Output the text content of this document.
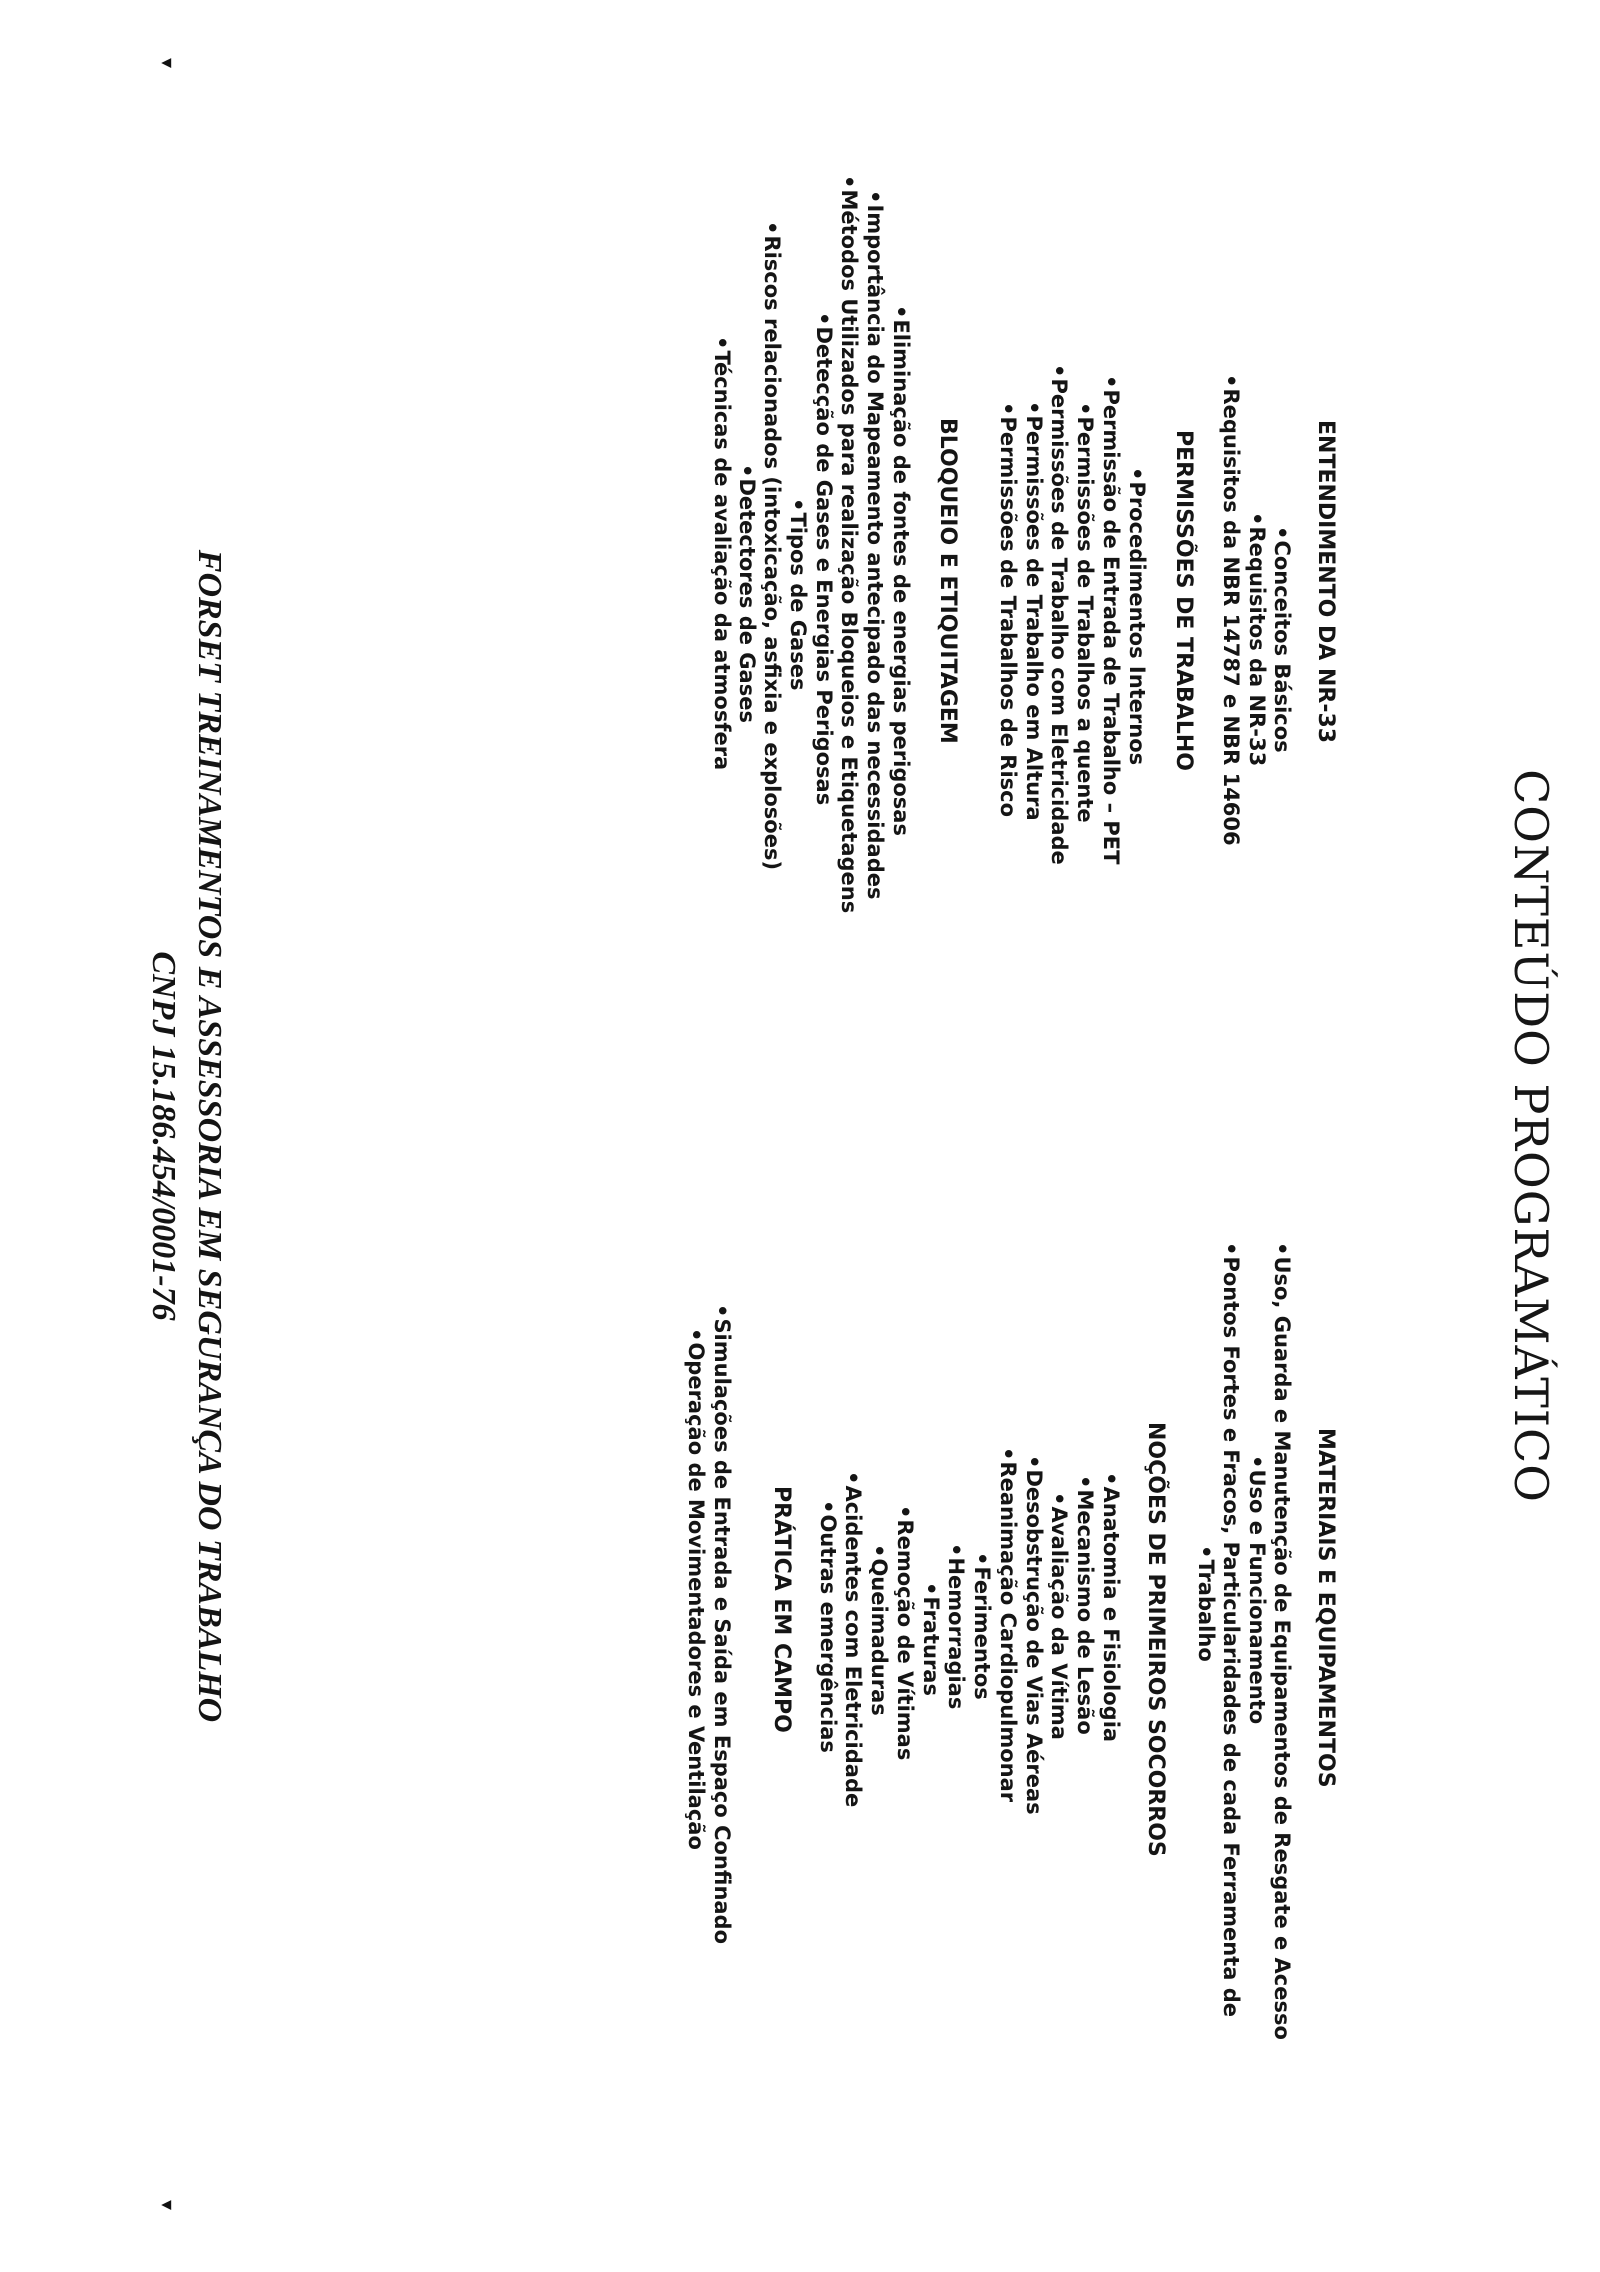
CONTEÚDO PROGRAMÁTICO
ENTENDIMENTO DA NR-33
• Conceitos Básicos
• Requisitos da NR-33
• Requisitos da NBR 14787 e NBR 14606
PERMISSÕES DE TRABALHO
• Procedimentos Internos
• Permissão de Entrada de Trabalho – PET
• Permissões de Trabalhos a quente
• Permissões de Trabalho com Eletricidade
• Permissões de Trabalho em Altura
• Permissões de Trabalhos de Risco
BLOQUEIO E ETIQUITAGEM
• Eliminação de fontes de energias perigosas
• Importância do Mapeamento antecipado das necessidades
• Métodos Utilizados para realização Bloqueios e Etiquetagens
• Detecção de Gases e Energias Perigosas
• Tipos de Gases
• Riscos relacionados (intoxicação, asfixia e explosões)
• Detectores de Gases
• Técnicas de avaliação da atmosfera
MATERIAIS E EQUIPAMENTOS
• Uso, Guarda e Manutenção de Equipamentos de Resgate e Acesso
• Uso e Funcionamento
• Pontos Fortes e Fracos, Particularidades de cada Ferramenta de
• Trabalho
NOÇÕES DE PRIMEIROS SOCORROS
• Anatomia e Fisiologia
• Mecanismo de Lesão
• Avaliação da Vítima
• Desobstrução de Vias Aéreas
• Reanimação Cardiopulmonar
• Ferimentos
• Hemorragias
• Fraturas
• Remoção de Vítimas
• Queimaduras
• Acidentes com Eletricidade
• Outras emergências
PRÁTICA EM CAMPO
• Simulações de Entrada e Saída em Espaço Confinado
• Operação de Movimentadores e Ventilação
FORSET TREINAMENTOS E ASSESSORIA EM SEGURANÇA DO TRABALHO
CNPJ 15.186.454/0001-76
▾
▾
